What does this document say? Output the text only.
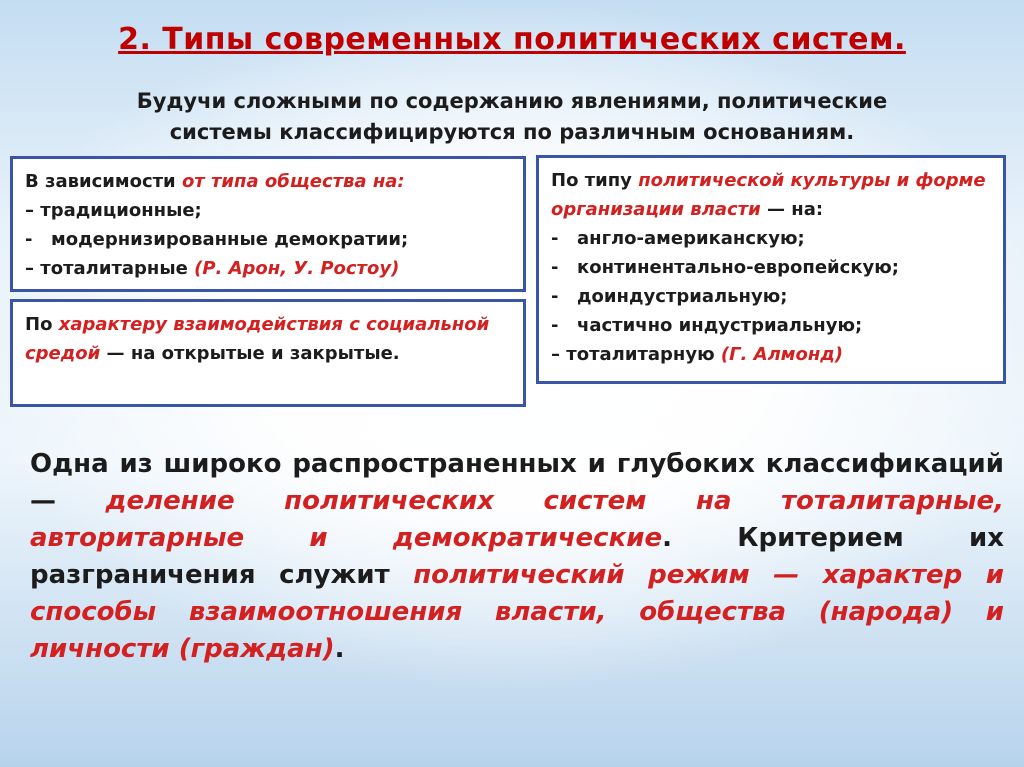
2. Типы современных политических систем.
Будучи сложными по содержанию явлениями, политические
системы классифицируются по различным основаниям.
В зависимости от типа общества на:
– традиционные;
- модернизированные демократии;
– тоталитарные (Р. Арон, У. Ростоу)
По характеру взаимодействия с социальной средой — на открытые и закрытые.
По типу политической культуры и форме организации власти — на:
- англо-американскую;
- континентально-европейскую;
- доиндустриальную;
- частично индустриальную;
– тоталитарную (Г. Алмонд)
Одна из широко распространенных и глубоких классификаций — деление политических систем на тоталитарные, авторитарные и демократические. Критерием их разграничения служит политический режим — характер и способы взаимоотношения власти, общества (народа) и личности (граждан).
